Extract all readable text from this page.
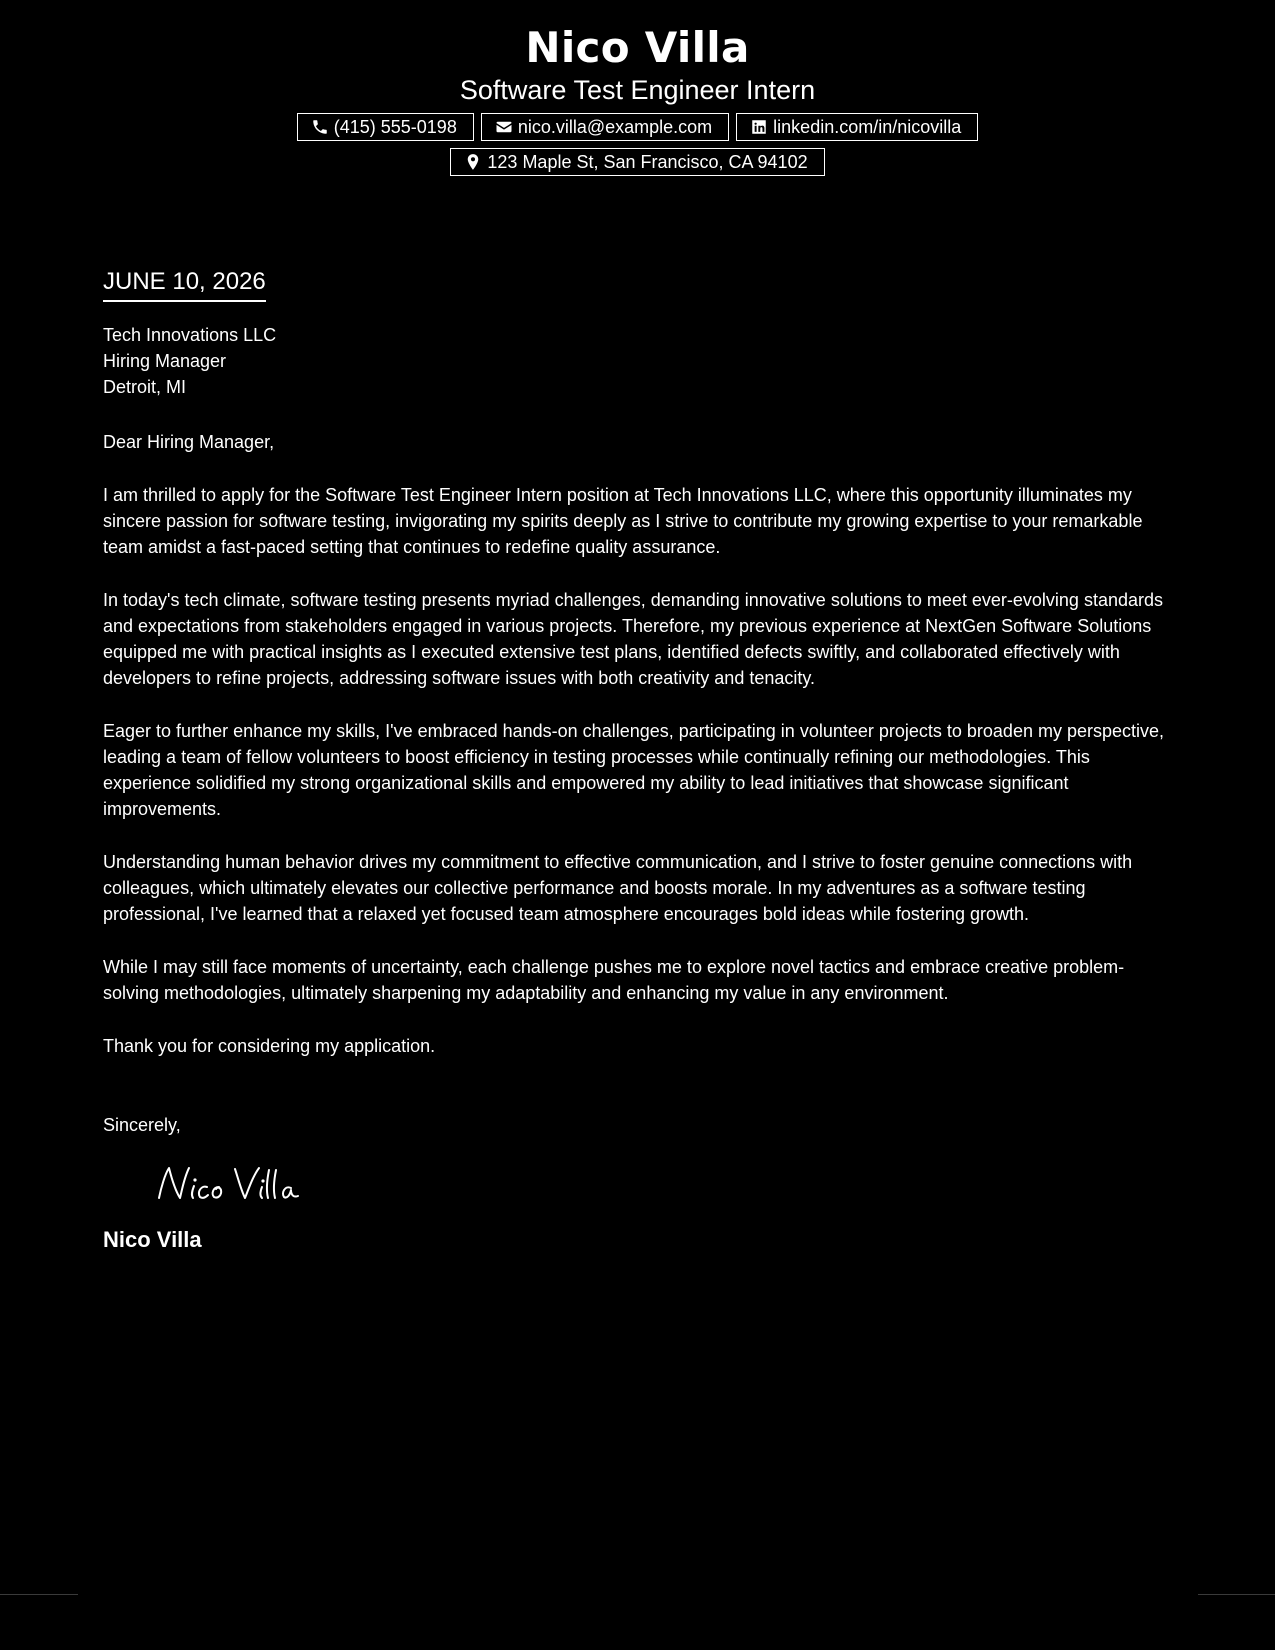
Nico Villa
Software Test Engineer Intern
(415) 555-0198	nico.villa@example.com	linkedin.com/in/nicovilla
123 Maple St, San Francisco, CA 94102
JUNE 10, 2026

Tech Innovations LLC

Hiring Manager

Detroit, MI

Dear Hiring Manager,

I am thrilled to apply for the Software Test Engineer Intern position at Tech Innovations LLC, where this opportunity illuminates my sincere passion for software testing, invigorating my spirits deeply as I strive to contribute my growing expertise to your remarkable team amidst a fast-paced setting that continues to redefine quality assurance.

In today's tech climate, software testing presents myriad challenges, demanding innovative solutions to meet ever-evolving standards and expectations from stakeholders engaged in various projects. Therefore, my previous experience at NextGen Software Solutions equipped me with practical insights as I executed extensive test plans, identified defects swiftly, and collaborated effectively with developers to refine projects, addressing software issues with both creativity and tenacity.

Eager to further enhance my skills, I've embraced hands-on challenges, participating in volunteer projects to broaden my perspective, leading a team of fellow volunteers to boost efficiency in testing processes while continually refining our methodologies. This experience solidified my strong organizational skills and empowered my ability to lead initiatives that showcase significant improvements.

Understanding human behavior drives my commitment to effective communication, and I strive to foster genuine connections with colleagues, which ultimately elevates our collective performance and boosts morale. In my adventures as a software testing professional, I've learned that a relaxed yet focused team atmosphere encourages bold ideas while fostering growth.

While I may still face moments of uncertainty, each challenge pushes me to explore novel tactics and embrace creative problem-solving methodologies, ultimately sharpening my adaptability and enhancing my value in any environment.

Thank you for considering my application.

Sincerely,

Nico Villa
